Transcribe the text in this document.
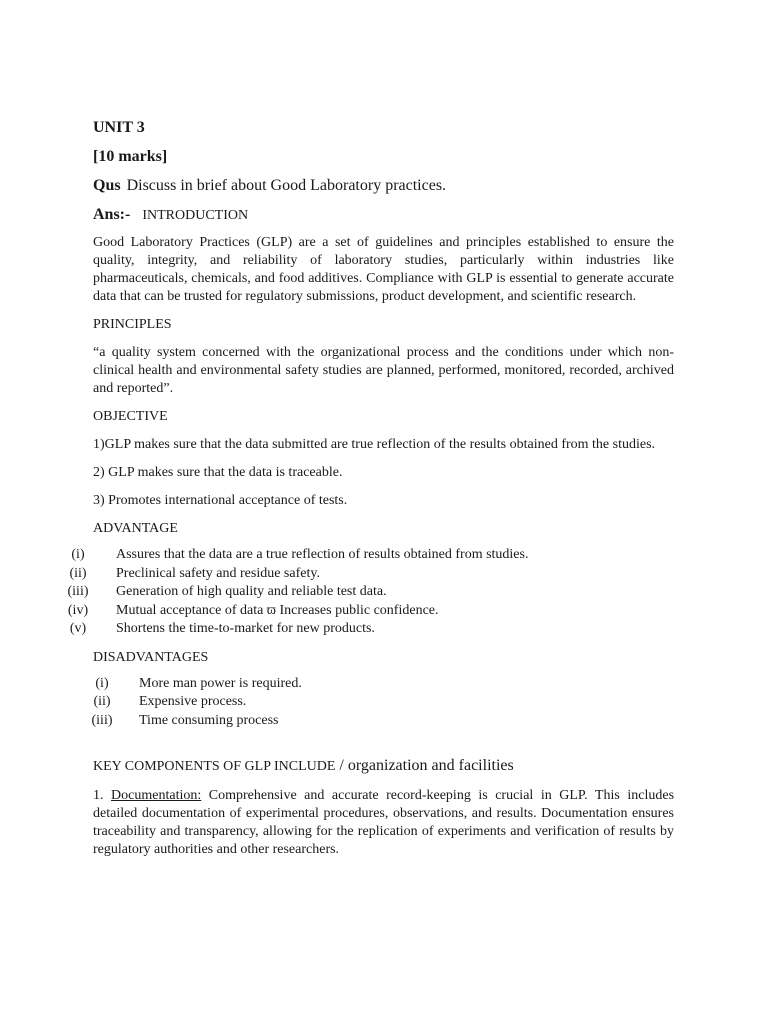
UNIT 3
[10 marks]
Qus Discuss in brief about Good Laboratory practices.
Ans:- INTRODUCTION

Good Laboratory Practices (GLP) are a set of guidelines and principles established to ensure the quality, integrity, and reliability of laboratory studies, particularly within industries like pharmaceuticals, chemicals, and food additives. Compliance with GLP is essential to generate accurate data that can be trusted for regulatory submissions, product development, and scientific research.

PRINCIPLES

“a quality system concerned with the organizational process and the conditions under which non-clinical health and environmental safety studies are planned, performed, monitored, recorded, archived and reported”.

OBJECTIVE

1)GLP makes sure that the data submitted are true reflection of the results obtained from the studies.

2) GLP makes sure that the data is traceable.

3) Promotes international acceptance of tests.

ADVANTAGE
(i)	Assures that the data are a true reflection of results obtained from studies.
(ii)	Preclinical safety and residue safety.
(iii)	Generation of high quality and reliable test data.
(iv)	Mutual acceptance of data ϖ Increases public confidence.
(v)	Shortens the time-to-market for new products.
DISADVANTAGES
(i)	More man power is required.
(ii)	Expensive process.
(iii)	Time consuming process
KEY COMPONENTS OF GLP INCLUDE / organization and facilities

1. Documentation: Comprehensive and accurate record-keeping is crucial in GLP. This includes detailed documentation of experimental procedures, observations, and results. Documentation ensures traceability and transparency, allowing for the replication of experiments and verification of results by regulatory authorities and other researchers.
